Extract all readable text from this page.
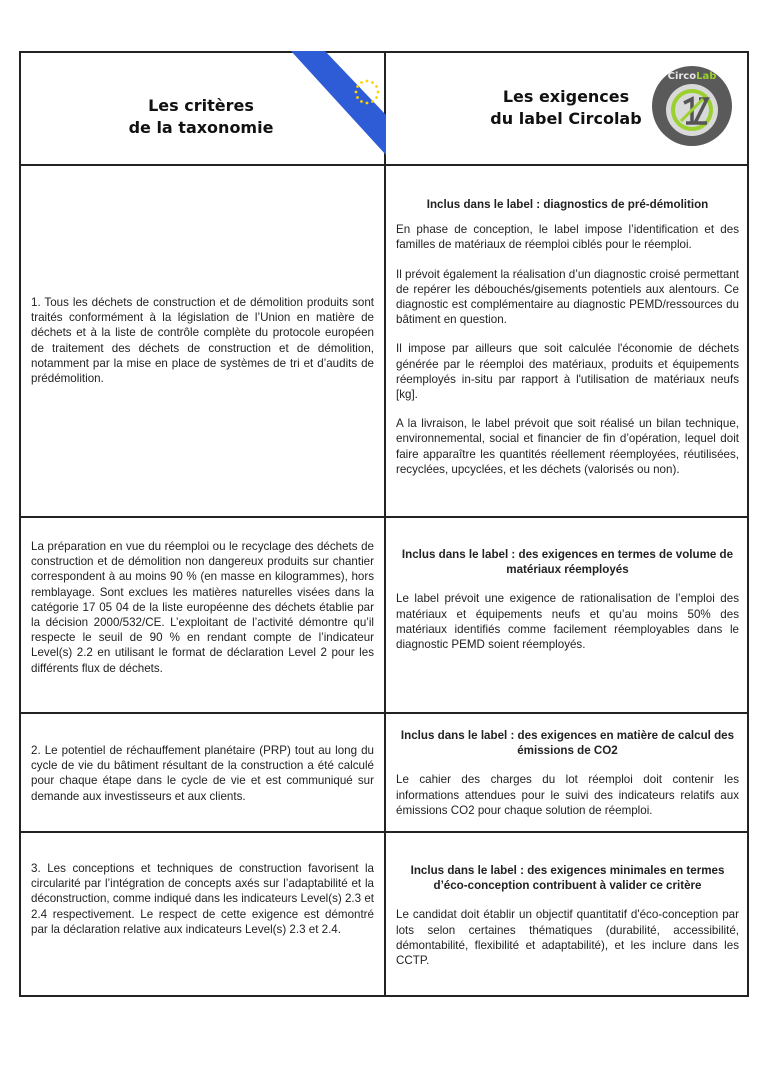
Les critères
de la taxonomie
Les exigences
du label Circolab
CircoLab
1. Tous les déchets de construction et de démolition produits sont traités conformément à la législation de l’Union en matière de déchets et à la liste de contrôle complète du protocole européen de traitement des déchets de construction et de démolition, notamment par la mise en place de systèmes de tri et d’audits de prédémolition.
Inclus dans le label : diagnostics de pré-démolition
En phase de conception, le label impose l’identification et des familles de matériaux de réemploi ciblés pour le réemploi.
Il prévoit également la réalisation d’un diagnostic croisé permettant de repérer les débouchés/gisements potentiels aux alentours. Ce diagnostic est complémentaire au diagnostic PEMD/ressources du bâtiment en question.
Il impose par ailleurs que soit calculée l'économie de déchets générée par le réemploi des matériaux, produits et équipements réemployés in-situ par rapport à l'utilisation de matériaux neufs [kg].
A la livraison, le label prévoit que soit réalisé un bilan technique, environnemental, social et financier de fin d’opération, lequel doit faire apparaître les quantités réellement réemployées, réutilisées, recyclées, upcyclées, et les déchets (valorisés ou non).
La préparation en vue du réemploi ou le recyclage des déchets de construction et de démolition non dangereux produits sur chantier correspondent à au moins 90 % (en masse en kilogrammes), hors remblayage. Sont exclues les matières naturelles visées dans la catégorie 17 05 04 de la liste européenne des déchets établie par la décision 2000/532/CE. L’exploitant de l’activité démontre qu’il respecte le seuil de 90 % en rendant compte de l’indicateur Level(s) 2.2 en utilisant le format de déclaration Level 2 pour les différents flux de déchets.
Inclus dans le label : des exigences en termes de volume de matériaux réemployés
Le label prévoit une exigence de rationalisation de l’emploi des matériaux et équipements neufs et qu’au moins 50% des matériaux identifiés comme facilement réemployables dans le diagnostic PEMD soient réemployés.
2. Le potentiel de réchauffement planétaire (PRP) tout au long du cycle de vie du bâtiment résultant de la construction a été calculé pour chaque étape dans le cycle de vie et est communiqué sur demande aux investisseurs et aux clients.
Inclus dans le label : des exigences en matière de calcul des émissions de CO2
Le cahier des charges du lot réemploi doit contenir les informations attendues pour le suivi des indicateurs relatifs aux émissions CO2 pour chaque solution de réemploi.
3. Les conceptions et techniques de construction favorisent la circularité par l’intégration de concepts axés sur l’adaptabilité et la déconstruction, comme indiqué dans les indicateurs Level(s) 2.3 et 2.4 respectivement. Le respect de cette exigence est démontré par la déclaration relative aux indicateurs Level(s) 2.3 et 2.4.
Inclus dans le label : des exigences minimales en termes d’éco-conception contribuent à valider ce critère
Le candidat doit établir un objectif quantitatif d'éco-conception par lots selon certaines thématiques (durabilité, accessibilité, démontabilité, flexibilité et adaptabilité), et les inclure dans les CCTP.
